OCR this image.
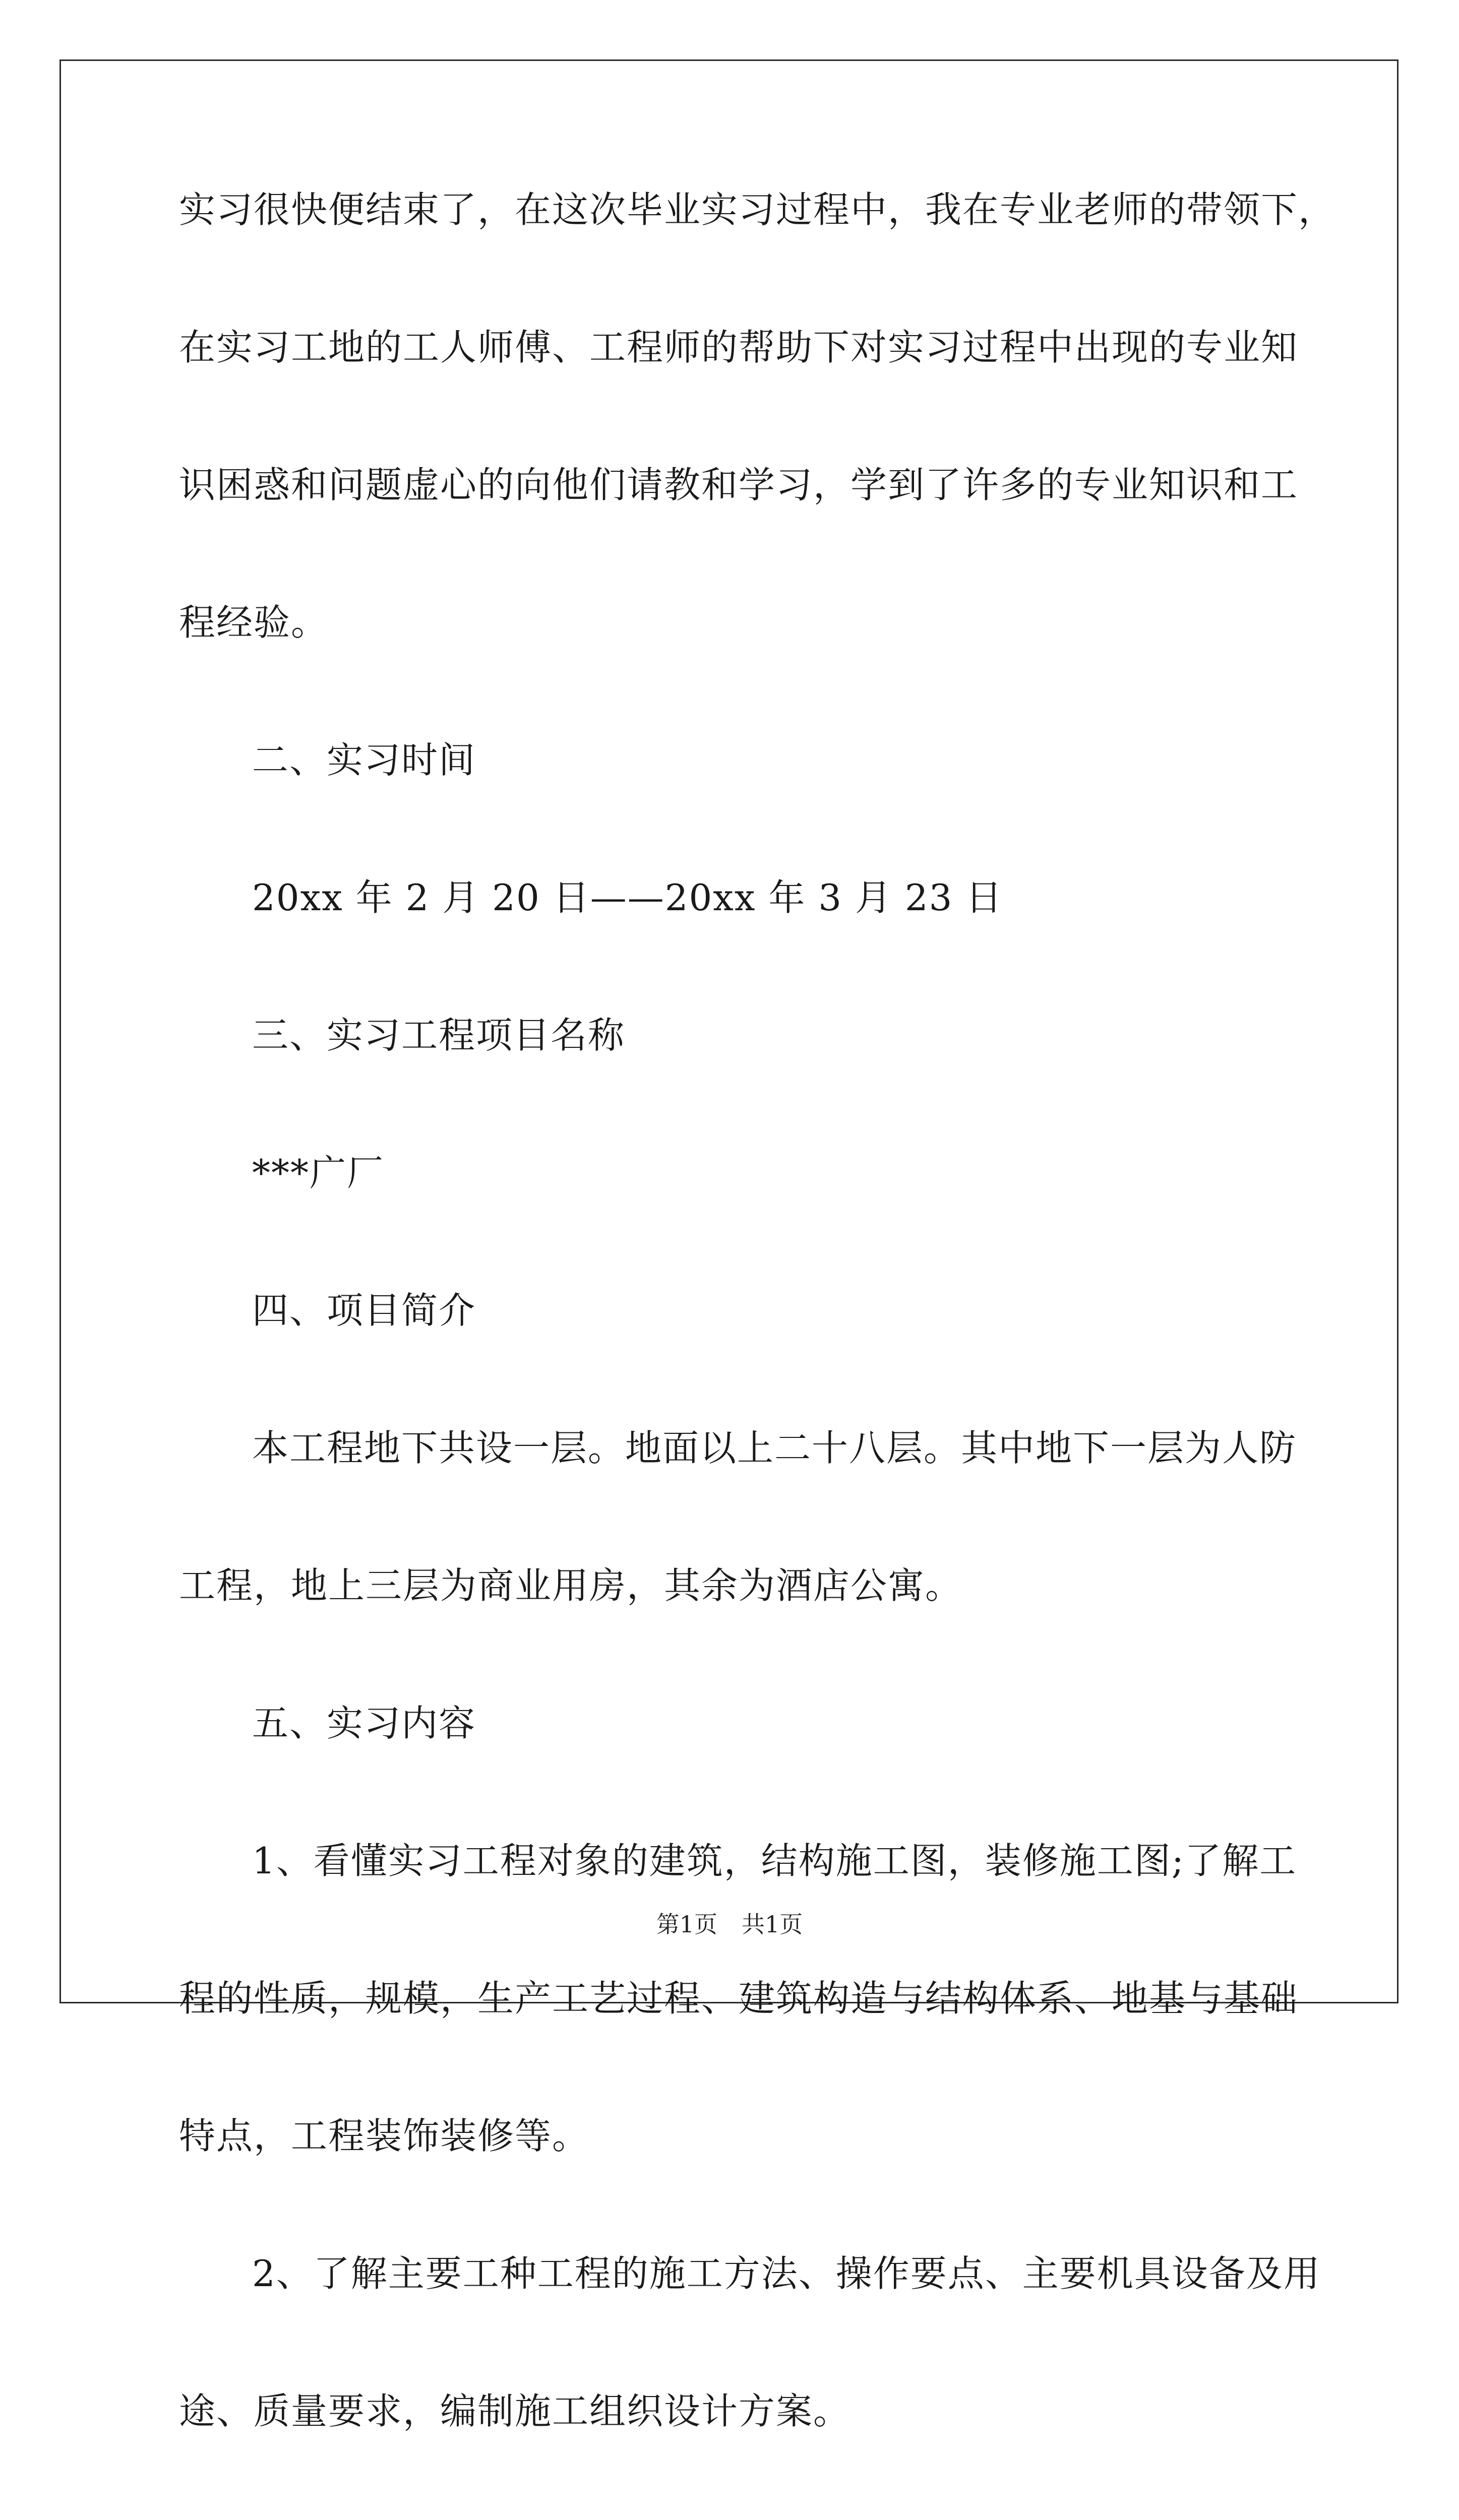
实习很快便结束了，在这次毕业实习过程中，我在专业老师的带领下，
在实习工地的工人师傅、工程师的帮助下对实习过程中出现的专业知
识困惑和问题虚心的向他们请教和学习，学到了许多的专业知识和工
程经验。
二、实习时间
20xx 年 2 月 20 日——20xx 年 3 月 23 日
三、实习工程项目名称
***广厂
四、项目简介
本工程地下共设一层。地面以上二十八层。其中地下一层为人防
工程，地上三层为商业用房，其余为酒店公寓。
五、实习内容
1、看懂实习工程对象的建筑，结构施工图，装修施工图;了解工
程的性质，规模，生产工艺过程、建筑构造与结构体系、地基与基础
特点，工程装饰装修等。
2、了解主要工种工程的施工方法、操作要点、主要机具设备及用
途、质量要求，编制施工组织设计方案。
第1页 共1页
